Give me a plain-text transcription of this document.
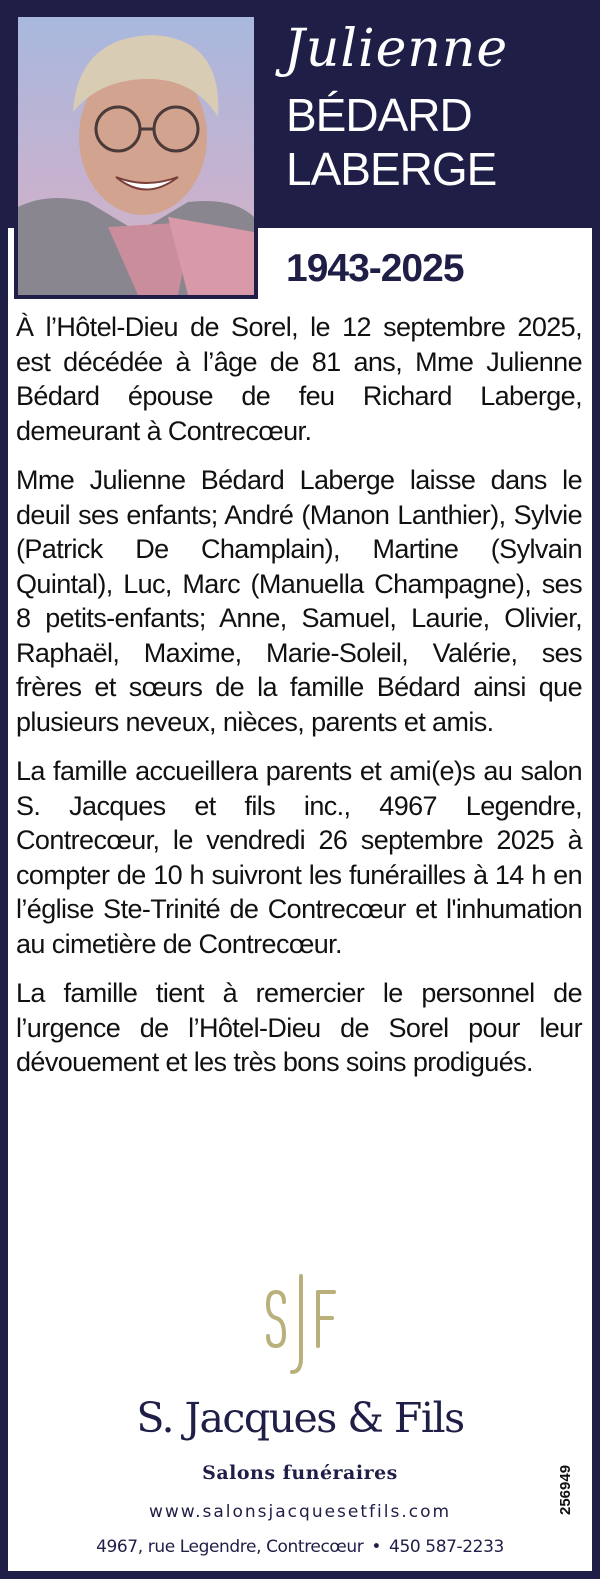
Julienne
BÉDARD
LABERGE
1943-2025

À l’Hôtel-Dieu de Sorel, le 12 septembre 2025, est décédée à l’âge de 81 ans, Mme Julienne Bédard épouse de feu Richard Laberge, demeurant à Contrecœur.

Mme Julienne Bédard Laberge laisse dans le deuil ses enfants; André (Manon Lanthier), Sylvie (Patrick De Champlain), Martine (Sylvain Quintal), Luc, Marc (Manuella Champagne), ses 8 petits-enfants; Anne, Samuel, Laurie, Olivier, Raphaël, Maxime, Marie-Soleil, Valérie, ses frères et sœurs de la famille Bédard ainsi que plusieurs neveux, nièces, parents et amis.

La famille accueillera parents et ami(e)s au salon S. Jacques et fils inc., 4967 Legendre, Contrecœur, le vendredi 26 septembre 2025 à compter de 10 h suivront les funérailles à 14 h en l’église Ste-Trinité de Contrecœur et l'inhumation au cimetière de Contrecœur.

La famille tient à remercier le personnel de l’urgence de l’Hôtel-Dieu de Sorel pour leur dévouement et les très bons soins prodigués.

S. Jacques & Fils
Salons funéraires
www.salonsjacquesetfils.com
4967, rue Legendre, Contrecœur • 450 587-2233
256949
